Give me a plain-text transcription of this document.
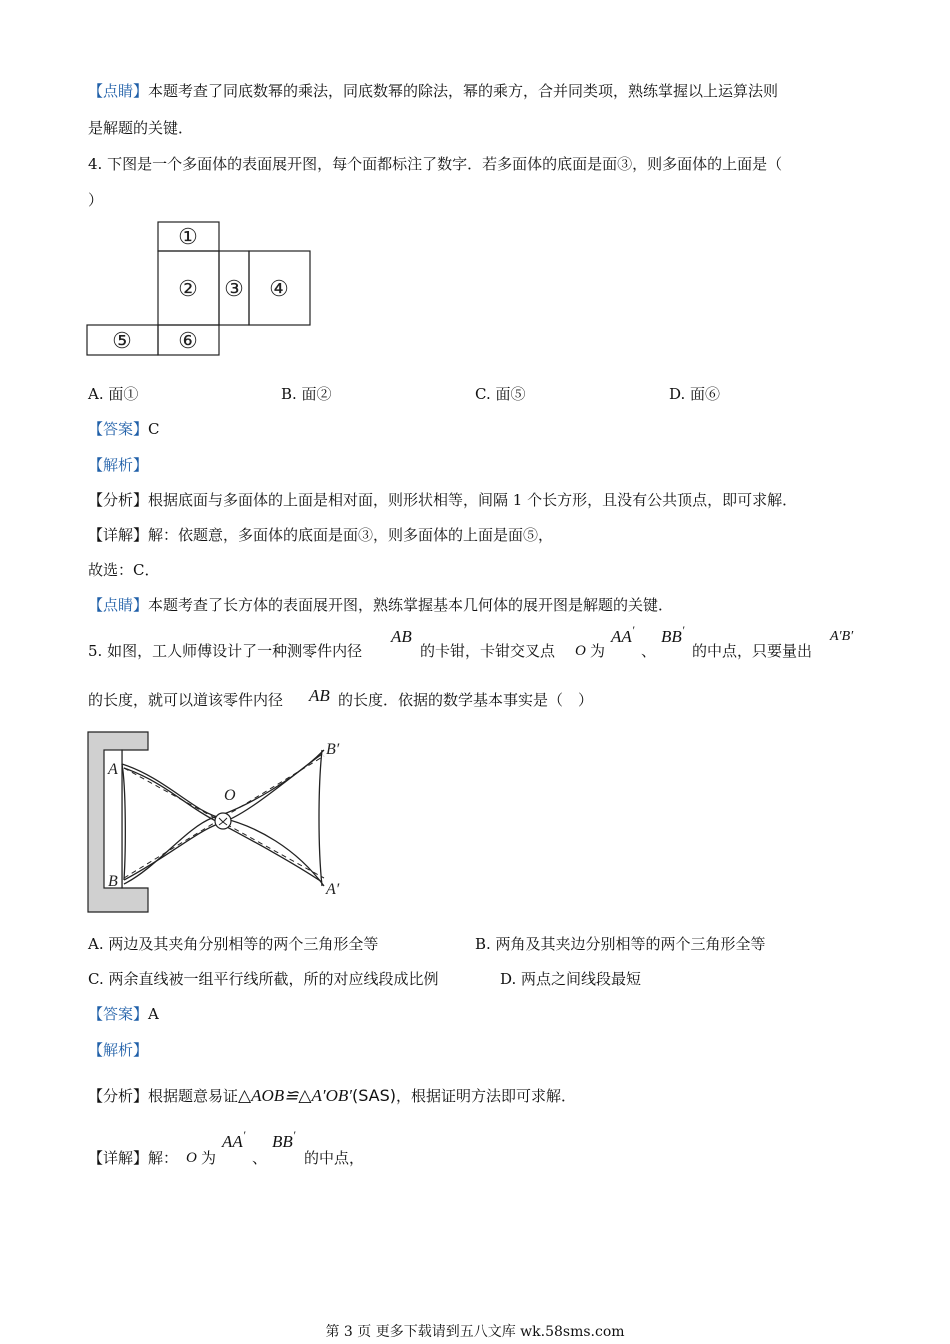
【点睛】本题考查了同底数幂的乘法，同底数幂的除法，幂的乘方，合并同类项，熟练掌握以上运算法则
是解题的关键．
4. 下图是一个多面体的表面展开图，每个面都标注了数字．若多面体的底面是面③，则多面体的上面是（
）
①
② ③ ④
⑤ ⑥
A. 面①	B. 面②	C. 面⑤	D. 面⑥
【答案】C
【解析】
【分析】根据底面与多面体的上面是相对面，则形状相等，间隔 1 个长方形，且没有公共顶点，即可求解．
【详解】解：依题意，多面体的底面是面③，则多面体的上面是面⑤，
故选：C．
【点睛】本题考查了长方体的表面展开图，熟练掌握基本几何体的展开图是解题的关键．
5. 如图，工人师傅设计了一种测零件内径
AB
的卡钳，卡钳交叉点 O 为
AA′
、
BB′
的中点，只要量出
A′B′
的长度，就可以道该零件内径 AB 的长度．依据的数学基本事实是（　）
A
B
O
B′
A′
A. 两边及其夹角分别相等的两个三角形全等	B. 两角及其夹边分别相等的两个三角形全等
C. 两余直线被一组平行线所截，所的对应线段成比例	D. 两点之间线段最短
【答案】A
【解析】
【分析】根据题意易证△AOB≌△A′OB′(SAS)，根据证明方法即可求解．
【详解】解： O 为
AA′
、
BB′
的中点，
第 3 页 更多下载请到五八文库 wk.58sms.com
